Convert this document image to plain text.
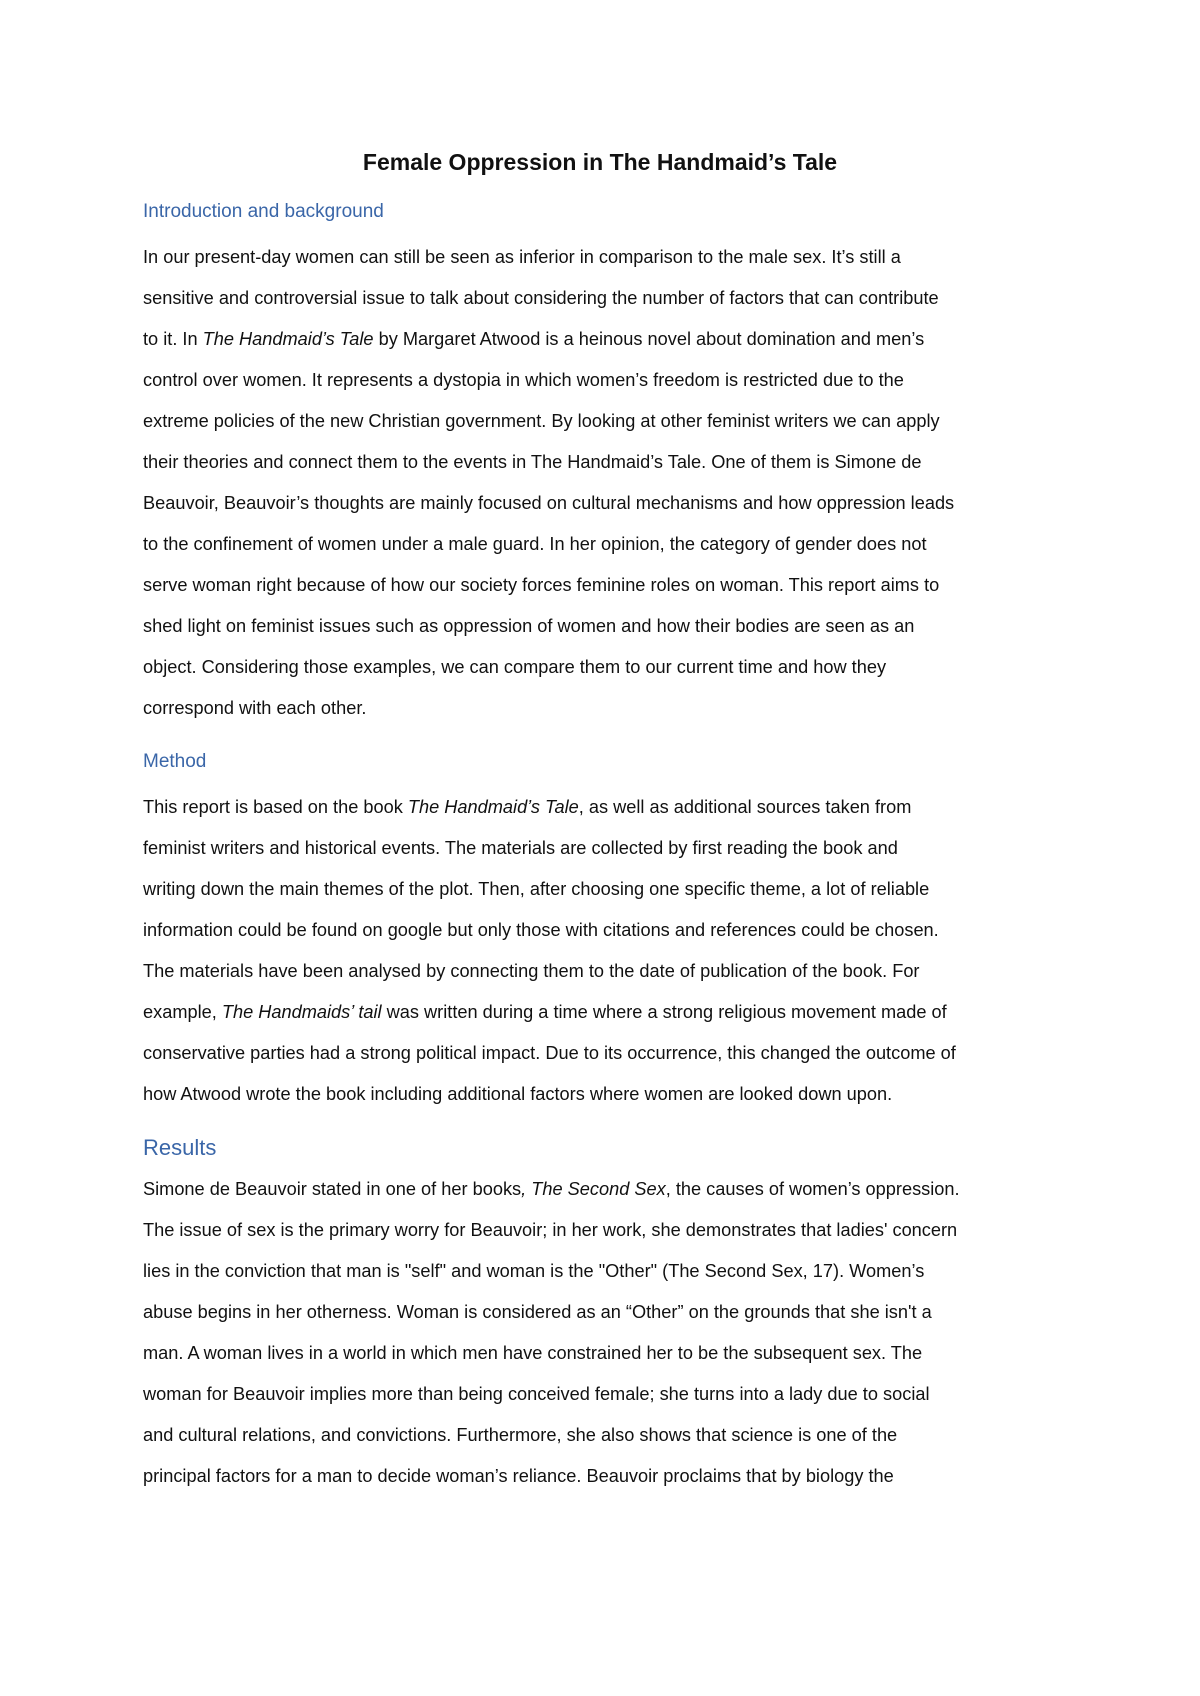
Female Oppression in The Handmaid’s Tale
Introduction and background
In our present-day women can still be seen as inferior in comparison to the male sex. It’s still a
sensitive and controversial issue to talk about considering the number of factors that can contribute
to it. In The Handmaid’s Tale by Margaret Atwood is a heinous novel about domination and men’s
control over women. It represents a dystopia in which women’s freedom is restricted due to the
extreme policies of the new Christian government. By looking at other feminist writers we can apply
their theories and connect them to the events in The Handmaid’s Tale. One of them is Simone de
Beauvoir, Beauvoir’s thoughts are mainly focused on cultural mechanisms and how oppression leads
to the confinement of women under a male guard. In her opinion, the category of gender does not
serve woman right because of how our society forces feminine roles on woman. This report aims to
shed light on feminist issues such as oppression of women and how their bodies are seen as an
object. Considering those examples, we can compare them to our current time and how they
correspond with each other.
Method
This report is based on the book The Handmaid’s Tale, as well as additional sources taken from
feminist writers and historical events. The materials are collected by first reading the book and
writing down the main themes of the plot. Then, after choosing one specific theme, a lot of reliable
information could be found on google but only those with citations and references could be chosen.
The materials have been analysed by connecting them to the date of publication of the book. For
example, The Handmaids’ tail was written during a time where a strong religious movement made of
conservative parties had a strong political impact. Due to its occurrence, this changed the outcome of
how Atwood wrote the book including additional factors where women are looked down upon.
Results
Simone de Beauvoir stated in one of her books, The Second Sex, the causes of women’s oppression.
The issue of sex is the primary worry for Beauvoir; in her work, she demonstrates that ladies' concern
lies in the conviction that man is "self" and woman is the "Other" (The Second Sex, 17). Women’s
abuse begins in her otherness. Woman is considered as an “Other” on the grounds that she isn't a
man. A woman lives in a world in which men have constrained her to be the subsequent sex. The
woman for Beauvoir implies more than being conceived female; she turns into a lady due to social
and cultural relations, and convictions. Furthermore, she also shows that science is one of the
principal factors for a man to decide woman’s reliance. Beauvoir proclaims that by biology the
